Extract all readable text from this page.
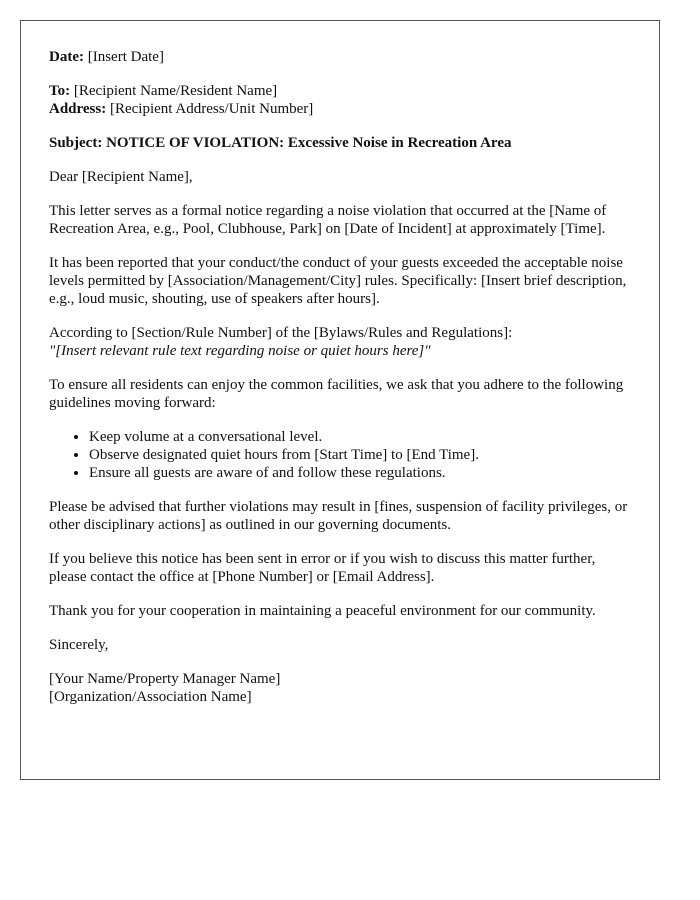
Date: [Insert Date]

To: [Recipient Name/Resident Name]
Address: [Recipient Address/Unit Number]

Subject: NOTICE OF VIOLATION: Excessive Noise in Recreation Area

Dear [Recipient Name],

This letter serves as a formal notice regarding a noise violation that occurred at the [Name of Recreation Area, e.g., Pool, Clubhouse, Park] on [Date of Incident] at approximately [Time].

It has been reported that your conduct/the conduct of your guests exceeded the acceptable noise levels permitted by [Association/Management/City] rules. Specifically: [Insert brief description, e.g., loud music, shouting, use of speakers after hours].

According to [Section/Rule Number] of the [Bylaws/Rules and Regulations]:
"[Insert relevant rule text regarding noise or quiet hours here]"

To ensure all residents can enjoy the common facilities, we ask that you adhere to the following guidelines moving forward:

• Keep volume at a conversational level.
• Observe designated quiet hours from [Start Time] to [End Time].
• Ensure all guests are aware of and follow these regulations.

Please be advised that further violations may result in [fines, suspension of facility privileges, or other disciplinary actions] as outlined in our governing documents.

If you believe this notice has been sent in error or if you wish to discuss this matter further, please contact the office at [Phone Number] or [Email Address].

Thank you for your cooperation in maintaining a peaceful environment for our community.

Sincerely,

[Your Name/Property Manager Name]
[Organization/Association Name]
